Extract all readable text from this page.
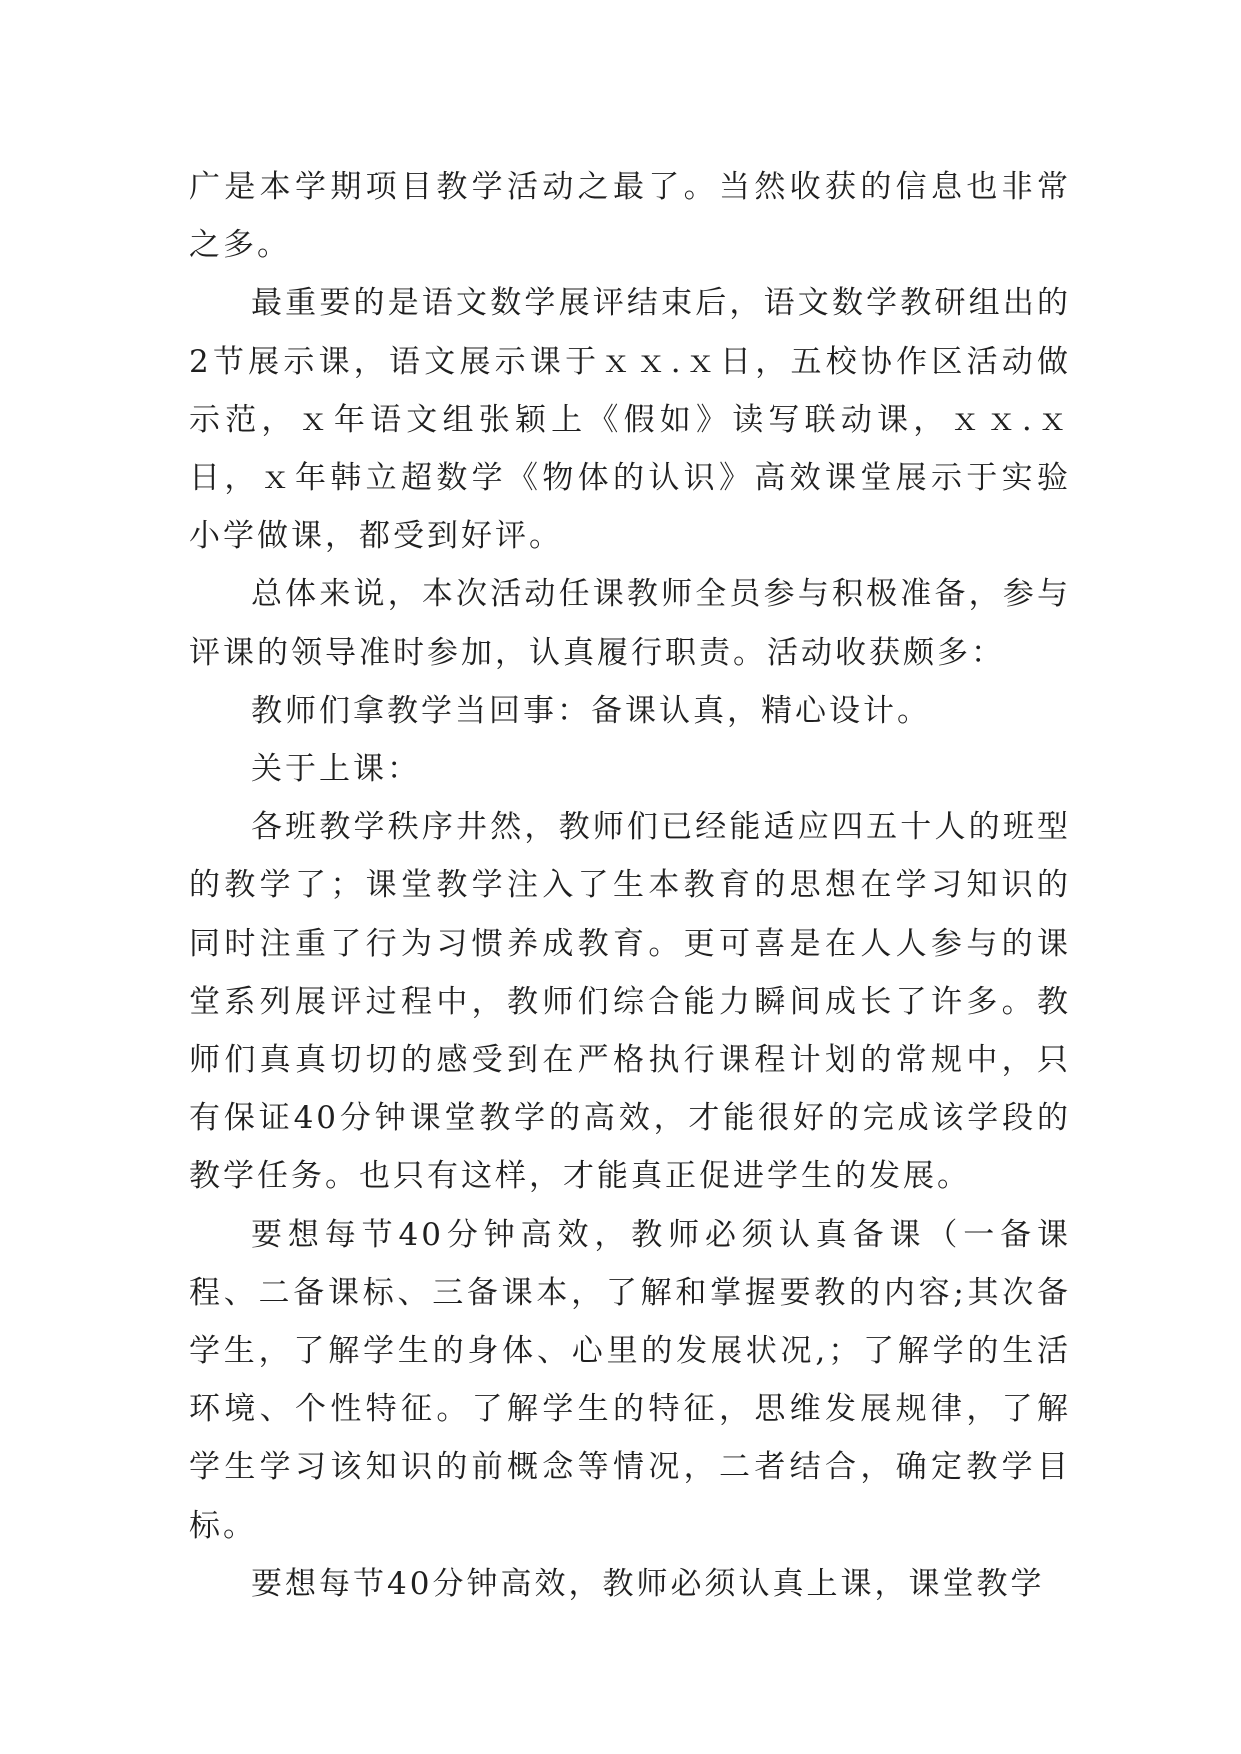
广是本学期项目教学活动之最了。当然收获的信息也非常之多。

最重要的是语文数学展评结束后，语文数学教研组出的2节展示课，语文展示课于ｘｘ.ｘ日，五校协作区活动做示范，ｘ年语文组张颖上《假如》读写联动课，ｘｘ.ｘ日，ｘ年韩立超数学《物体的认识》高效课堂展示于实验小学做课，都受到好评。

总体来说，本次活动任课教师全员参与积极准备，参与评课的领导准时参加，认真履行职责。活动收获颇多：

教师们拿教学当回事：备课认真，精心设计。

关于上课：

各班教学秩序井然，教师们已经能适应四五十人的班型的教学了；课堂教学注入了生本教育的思想在学习知识的同时注重了行为习惯养成教育。更可喜是在人人参与的课堂系列展评过程中，教师们综合能力瞬间成长了许多。教师们真真切切的感受到在严格执行课程计划的常规中，只有保证40分钟课堂教学的高效，才能很好的完成该学段的教学任务。也只有这样，才能真正促进学生的发展。

要想每节40分钟高效，教师必须认真备课（一备课程、二备课标、三备课本，了解和掌握要教的内容;其次备学生，了解学生的身体、心里的发展状况,；了解学的生活环境、个性特征。了解学生的特征，思维发展规律，了解学生学习该知识的前概念等情况，二者结合，确定教学目标。

要想每节40分钟高效，教师必须认真上课，课堂教学
